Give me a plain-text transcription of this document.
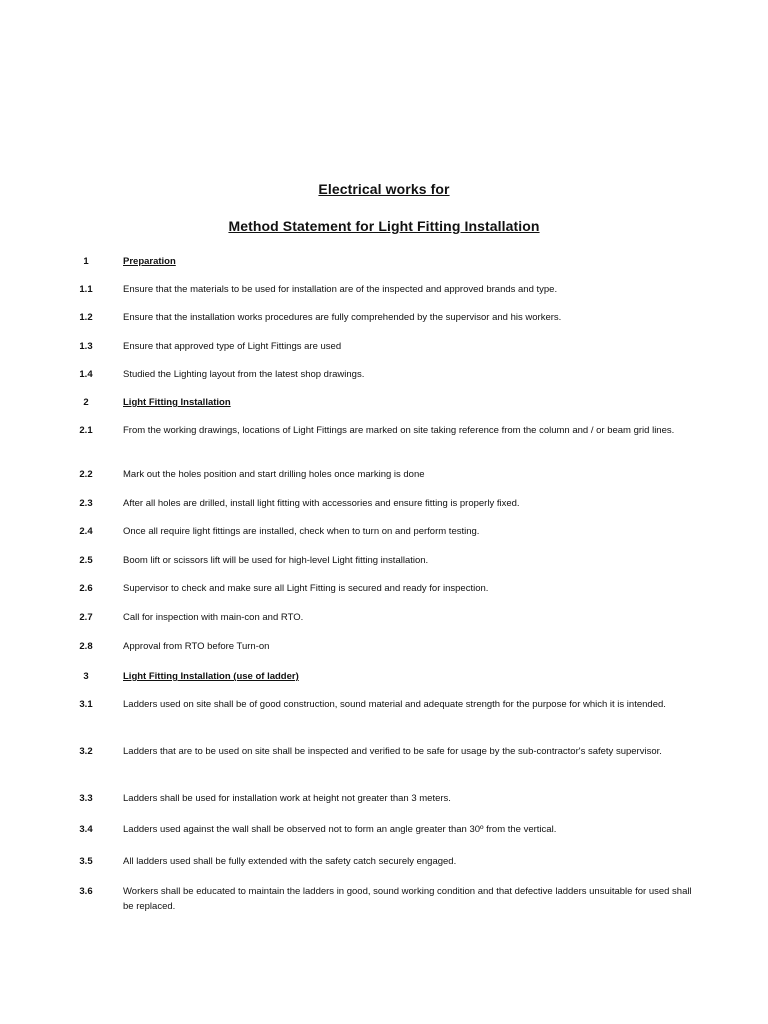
Electrical works for
Method Statement for Light Fitting Installation
1	Preparation
1.1	Ensure that the materials to be used for installation are of the inspected and approved brands and type.
1.2	Ensure that the installation works procedures are fully comprehended by the supervisor and his workers.
1.3	Ensure that approved type of Light Fittings are used
1.4	Studied the Lighting layout from the latest shop drawings.
2	Light Fitting Installation
2.1	From the working drawings, locations of Light Fittings are marked on site taking reference from the column and / or beam grid lines.
2.2	Mark out the holes position and start drilling holes once marking is done
2.3	After all holes are drilled, install light fitting with accessories and ensure fitting is properly fixed.
2.4	Once all require light fittings are installed, check when to turn on and perform testing.
2.5	Boom lift or scissors lift will be used for high-level Light fitting installation.
2.6	Supervisor to check and make sure all Light Fitting is secured and ready for inspection.
2.7	Call for inspection with main-con and RTO.
2.8	Approval from RTO before Turn-on
3	Light Fitting Installation (use of ladder)
3.1	Ladders used on site shall be of good construction, sound material and adequate strength for the purpose for which it is intended.
3.2	Ladders that are to be used on site shall be inspected and verified to be safe for usage by the sub-contractor's safety supervisor.
3.3	Ladders shall be used for installation work at height not greater than 3 meters.
3.4	Ladders used against the wall shall be observed not to form an angle greater than 30º from the vertical.
3.5	All ladders used shall be fully extended with the safety catch securely engaged.
3.6	Workers shall be educated to maintain the ladders in good, sound working condition and that defective ladders unsuitable for used shall be replaced.
